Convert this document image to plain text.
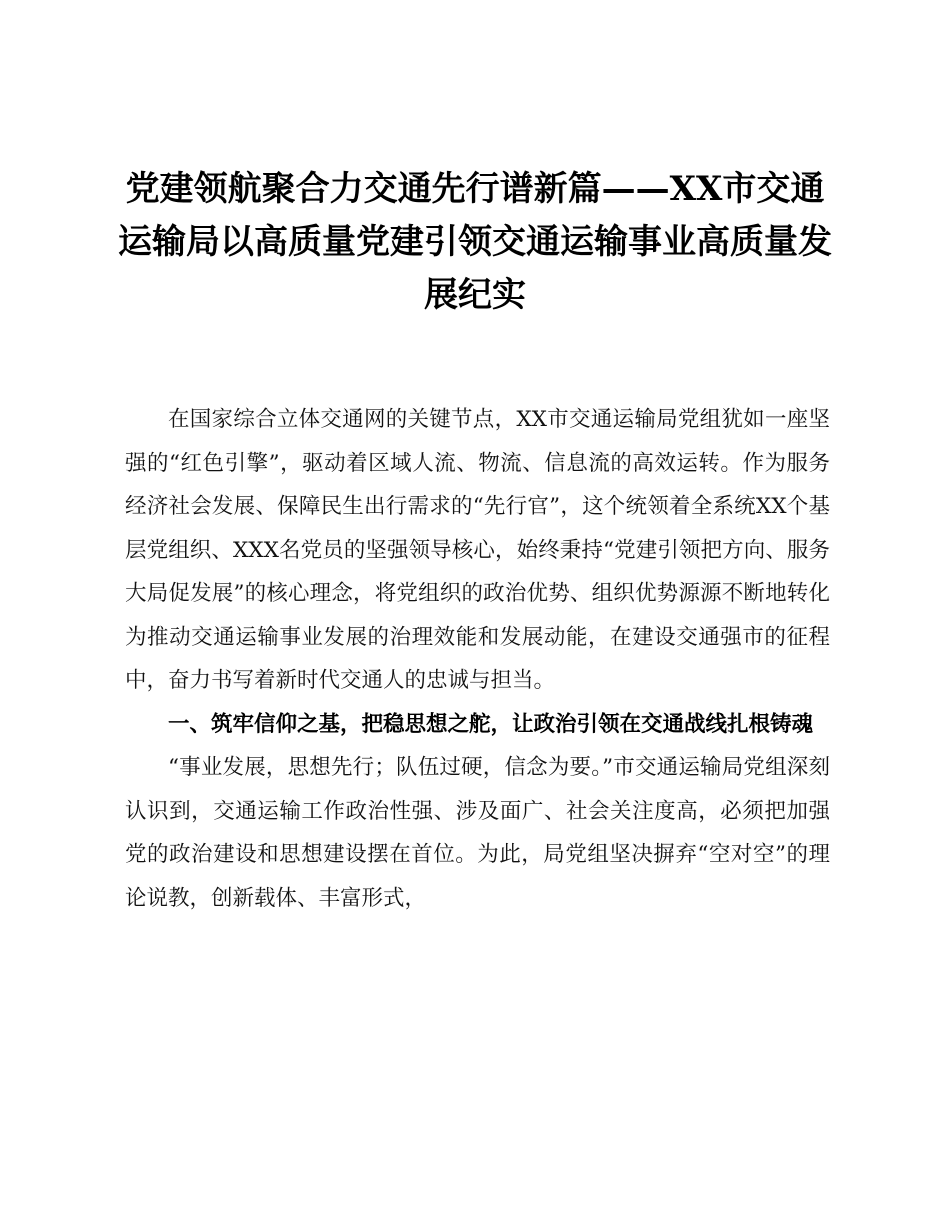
党建领航聚合力交通先行谱新篇——XX市交通运输局以高质量党建引领交通运输事业高质量发展纪实

在国家综合立体交通网的关键节点，XX市交通运输局党组犹如一座坚强的“红色引擎”，驱动着区域人流、物流、信息流的高效运转。作为服务经济社会发展、保障民生出行需求的“先行官”，这个统领着全系统XX个基层党组织、XXX名党员的坚强领导核心，始终秉持“党建引领把方向、服务大局促发展”的核心理念，将党组织的政治优势、组织优势源源不断地转化为推动交通运输事业发展的治理效能和发展动能，在建设交通强市的征程中，奋力书写着新时代交通人的忠诚与担当。

一、筑牢信仰之基，把稳思想之舵，让政治引领在交通战线扎根铸魂

“事业发展，思想先行；队伍过硬，信念为要。”市交通运输局党组深刻认识到，交通运输工作政治性强、涉及面广、社会关注度高，必须把加强党的政治建设和思想建设摆在首位。为此，局党组坚决摒弃“空对空”的理论说教，创新载体、丰富形式，
